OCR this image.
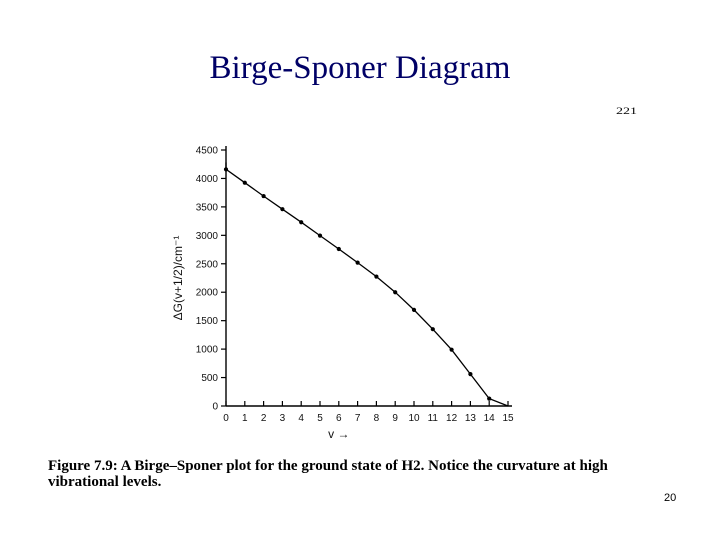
Birge-Sponer Diagram
221
0
500
1000
1500
2000
2500
3000
3500
4000
4500
0 1 2 3 4 5 6 7 8 9 10 11 12 13 14 15
ΔG(v+1/2)/cm⁻¹
v →
Figure 7.9: A Birge–Sponer plot for the ground state of H2. Notice the curvature at high vibrational levels.
20
